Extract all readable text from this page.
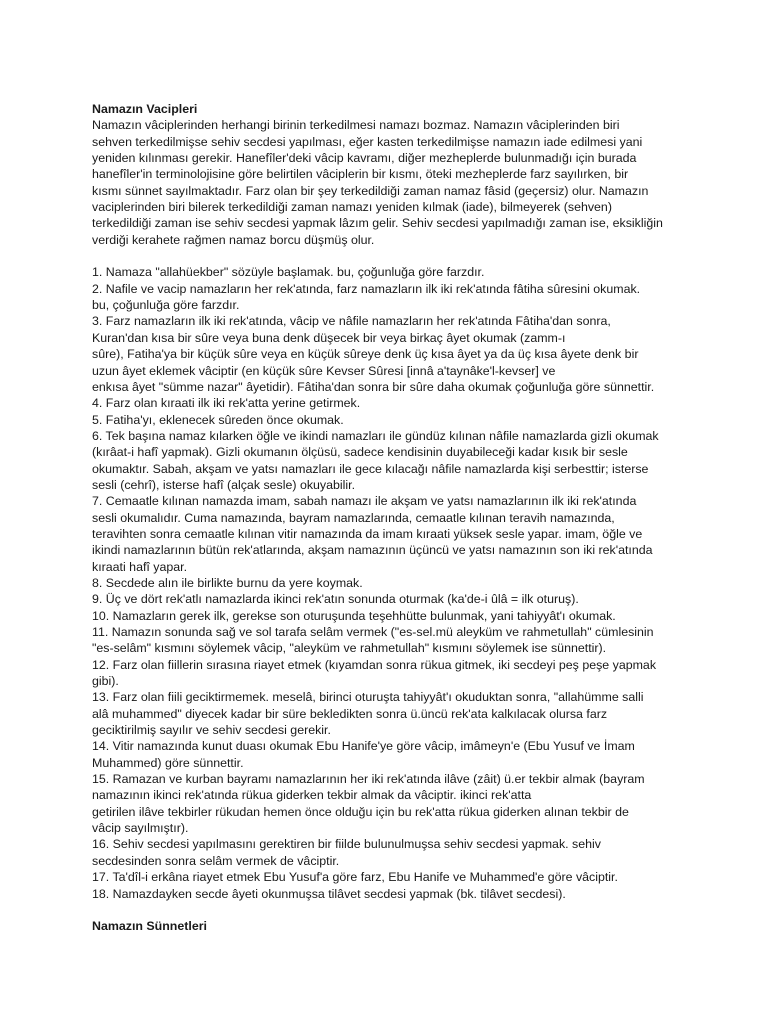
Namazın Vacipleri
Namazın vâciplerinden herhangi birinin terkedilmesi namazı bozmaz. Namazın vâciplerinden biri
sehven terkedilmişse sehiv secdesi yapılması, eğer kasten terkedilmişse namazın iade edilmesi yani
yeniden kılınması gerekir. Hanefîler'deki vâcip kavramı, diğer mezheplerde bulunmadığı için burada
hanefîler'in terminolojisine göre belirtilen vâciplerin bir kısmı, öteki mezheplerde farz sayılırken, bir
kısmı sünnet sayılmaktadır. Farz olan bir şey terkedildiği zaman namaz fâsid (geçersiz) olur. Namazın
vaciplerinden biri bilerek terkedildiği zaman namazı yeniden kılmak (iade), bilmeyerek (sehven)
terkedildiği zaman ise sehiv secdesi yapmak lâzım gelir. Sehiv secdesi yapılmadığı zaman ise, eksikliğin
verdiği kerahete rağmen namaz borcu düşmüş olur.
1. Namaza "allahüekber" sözüyle başlamak. bu, çoğunluğa göre farzdır.
2. Nafile ve vacip namazların her rek'atında, farz namazların ilk iki rek'atında fâtiha sûresini okumak.
bu, çoğunluğa göre farzdır.
3. Farz namazların ilk iki rek'atında, vâcip ve nâfile namazların her rek'atında Fâtiha'dan sonra,
Kuran'dan kısa bir sûre veya buna denk düşecek bir veya birkaç âyet okumak (zamm-ı
sûre), Fatiha'ya bir küçük sûre veya en küçük sûreye denk üç kısa âyet ya da üç kısa âyete denk bir
uzun âyet eklemek vâciptir (en küçük sûre Kevser Sûresi [innâ a'taynâke'l-kevser] ve
enkısa âyet "sümme nazar" âyetidir). Fâtiha'dan sonra bir sûre daha okumak çoğunluğa göre sünnettir.
4. Farz olan kıraati ilk iki rek'atta yerine getirmek.
5. Fatiha'yı, eklenecek sûreden önce okumak.
6. Tek başına namaz kılarken öğle ve ikindi namazları ile gündüz kılınan nâfile namazlarda gizli okumak
(kırâat-i hafî yapmak). Gizli okumanın ölçüsü, sadece kendisinin duyabileceği kadar kısık bir sesle
okumaktır. Sabah, akşam ve yatsı namazları ile gece kılacağı nâfile namazlarda kişi serbesttir; isterse
sesli (cehrî), isterse hafî (alçak sesle) okuyabilir.
7. Cemaatle kılınan namazda imam, sabah namazı ile akşam ve yatsı namazlarının ilk iki rek'atında
sesli okumalıdır. Cuma namazında, bayram namazlarında, cemaatle kılınan teravih namazında,
teravihten sonra cemaatle kılınan vitir namazında da imam kıraati yüksek sesle yapar. imam, öğle ve
ikindi namazlarının bütün rek'atlarında, akşam namazının üçüncü ve yatsı namazının son iki rek'atında
kıraati hafî yapar.
8. Secdede alın ile birlikte burnu da yere koymak.
9. Üç ve dört rek'atlı namazlarda ikinci rek'atın sonunda oturmak (ka'de-i ûlâ = ilk oturuş).
10. Namazların gerek ilk, gerekse son oturuşunda teşehhütte bulunmak, yani tahiyyât'ı okumak.
11. Namazın sonunda sağ ve sol tarafa selâm vermek ("es-sel.mü aleyküm ve rahmetullah" cümlesinin
"es-selâm" kısmını söylemek vâcip, "aleyküm ve rahmetullah" kısmını söylemek ise sünnettir).
12. Farz olan fiillerin sırasına riayet etmek (kıyamdan sonra rükua gitmek, iki secdeyi peş peşe yapmak
gibi).
13. Farz olan fiili geciktirmemek. meselâ, birinci oturuşta tahiyyât'ı okuduktan sonra, "allahümme salli
alâ muhammed" diyecek kadar bir süre bekledikten sonra ü.üncü rek'ata kalkılacak olursa farz
geciktirilmiş sayılır ve sehiv secdesi gerekir.
14. Vitir namazında kunut duası okumak Ebu Hanife'ye göre vâcip, imâmeyn'e (Ebu Yusuf ve İmam
Muhammed) göre sünnettir.
15. Ramazan ve kurban bayramı namazlarının her iki rek'atında ilâve (zâit) ü.er tekbir almak (bayram
namazının ikinci rek'atında rükua giderken tekbir almak da vâciptir. ikinci rek'atta
getirilen ilâve tekbirler rükudan hemen önce olduğu için bu rek'atta rükua giderken alınan tekbir de
vâcip sayılmıştır).
16. Sehiv secdesi yapılmasını gerektiren bir fiilde bulunulmuşsa sehiv secdesi yapmak. sehiv
secdesinden sonra selâm vermek de vâciptir.
17. Ta'dîl-i erkâna riayet etmek Ebu Yusuf'a göre farz, Ebu Hanife ve Muhammed'e göre vâciptir.
18. Namazdayken secde âyeti okunmuşsa tilâvet secdesi yapmak (bk. tilâvet secdesi).
Namazın Sünnetleri
